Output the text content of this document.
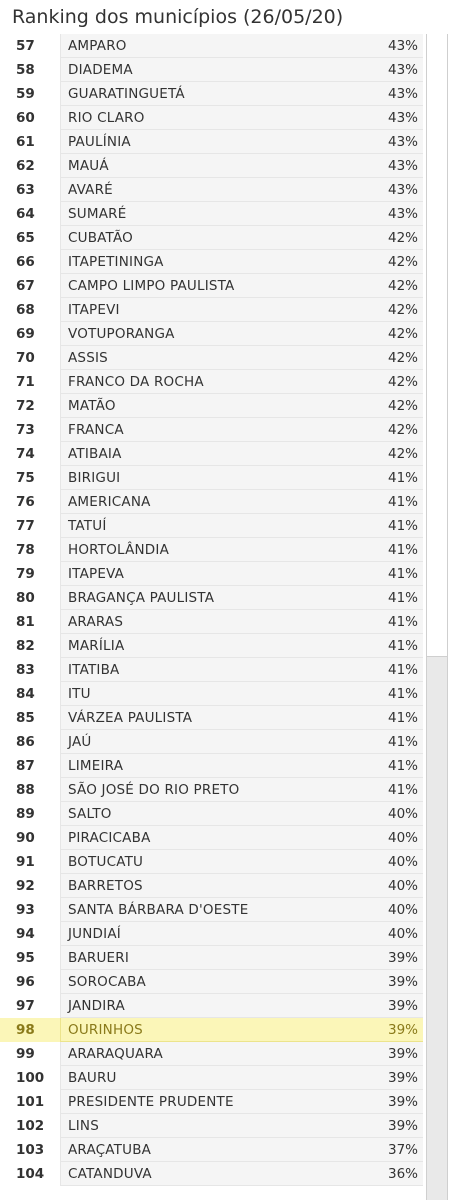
Ranking dos municípios (26/05/20)
57 AMPARO	43%
58 DIADEMA	43%
59 GUARATINGUETÁ	43%
60 RIO CLARO	43%
61 PAULÍNIA	43%
62 MAUÁ	43%
63 AVARÉ	43%
64 SUMARÉ	43%
65 CUBATÃO	42%
66 ITAPETININGA	42%
67 CAMPO LIMPO PAULISTA	42%
68 ITAPEVI	42%
69 VOTUPORANGA	42%
70 ASSIS	42%
71 FRANCO DA ROCHA	42%
72 MATÃO	42%
73 FRANCA	42%
74 ATIBAIA	42%
75 BIRIGUI	41%
76 AMERICANA	41%
77 TATUÍ	41%
78 HORTOLÂNDIA	41%
79 ITAPEVA	41%
80 BRAGANÇA PAULISTA	41%
81 ARARAS	41%
82 MARÍLIA	41%
83 ITATIBA	41%
84 ITU	41%
85 VÁRZEA PAULISTA	41%
86 JAÚ	41%
87 LIMEIRA	41%
88 SÃO JOSÉ DO RIO PRETO	41%
89 SALTO	40%
90 PIRACICABA	40%
91 BOTUCATU	40%
92 BARRETOS	40%
93 SANTA BÁRBARA D'OESTE	40%
94 JUNDIAÍ	40%
95 BARUERI	39%
96 SOROCABA	39%
97 JANDIRA	39%
98 OURINHOS	39%
99 ARARAQUARA	39%
100 BAURU	39%
101 PRESIDENTE PRUDENTE	39%
102 LINS	39%
103 ARAÇATUBA	37%
104 CATANDUVA	36%
